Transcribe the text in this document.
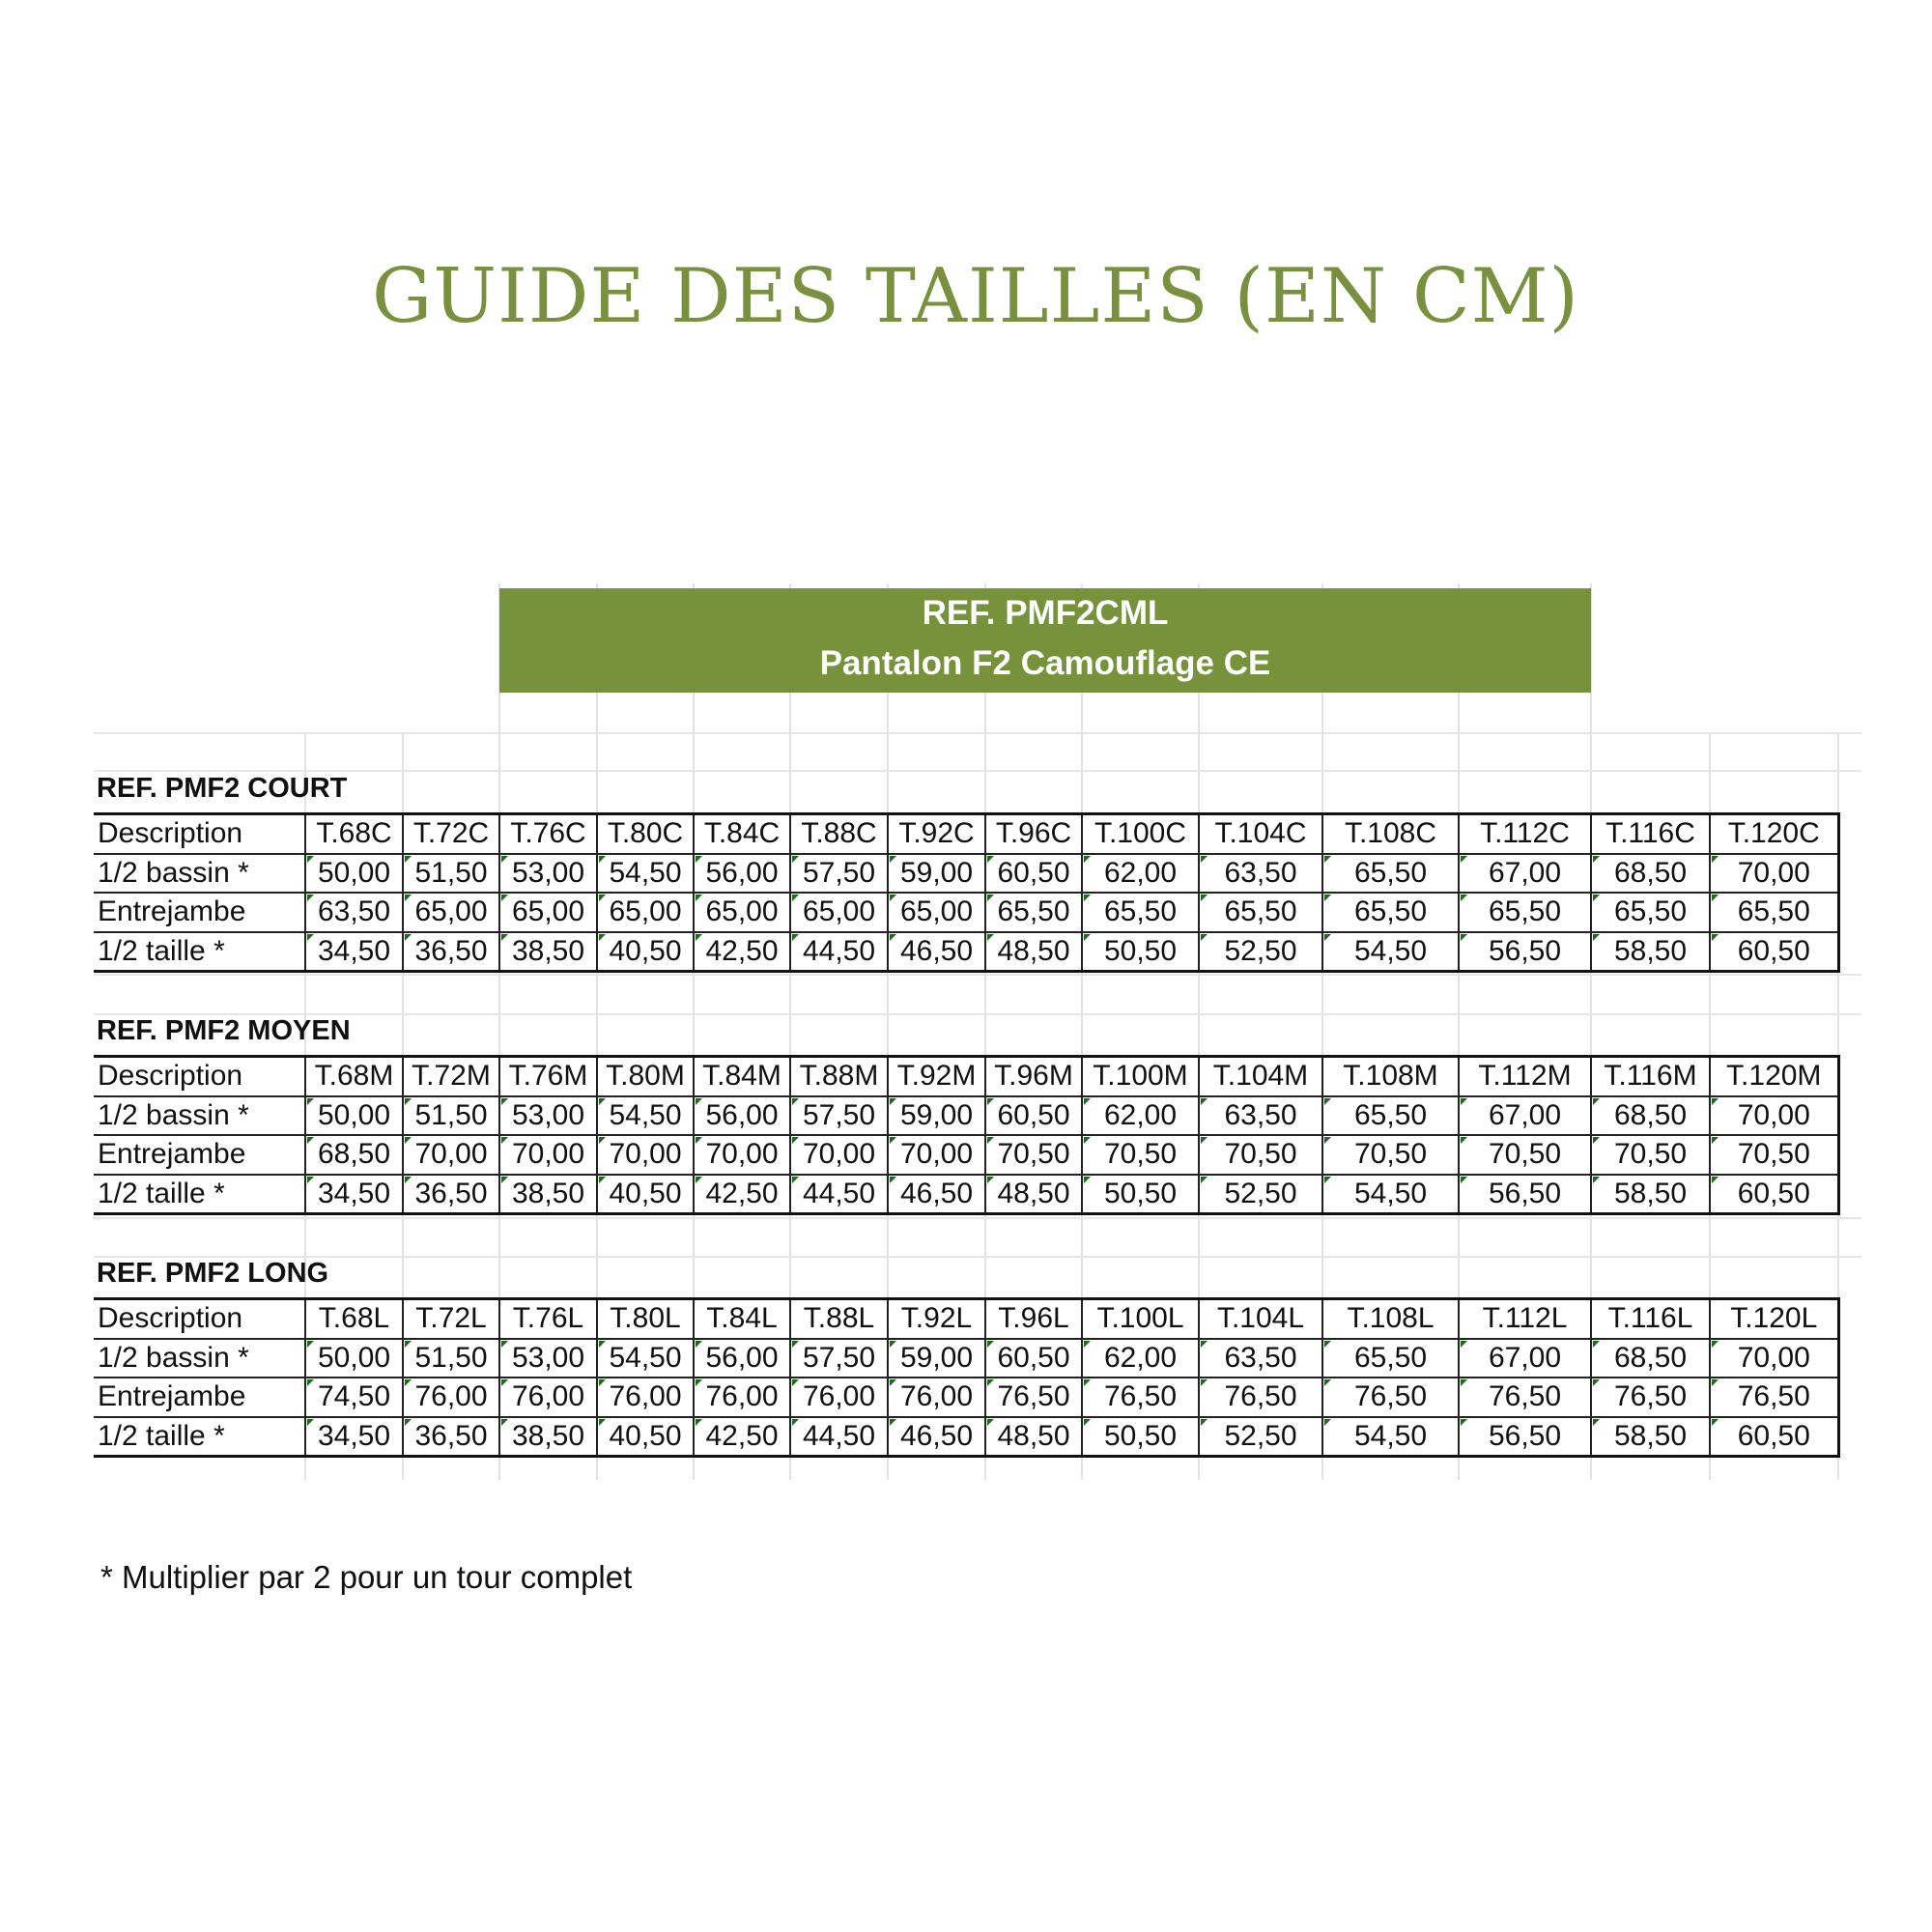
GUIDE DES TAILLES (EN CM)
REF. PMF2CML
Pantalon F2 Camouflage CE
REF. PMF2 COURT
Description	T.68C	T.72C	T.76C	T.80C	T.84C	T.88C	T.92C	T.96C	T.100C	T.104C	T.108C	T.112C	T.116C	T.120C
1/2 bassin *	50,00	51,50	53,00	54,50	56,00	57,50	59,00	60,50	62,00	63,50	65,50	67,00	68,50	70,00
Entrejambe	63,50	65,00	65,00	65,00	65,00	65,00	65,00	65,50	65,50	65,50	65,50	65,50	65,50	65,50
1/2 taille *	34,50	36,50	38,50	40,50	42,50	44,50	46,50	48,50	50,50	52,50	54,50	56,50	58,50	60,50
REF. PMF2 MOYEN
Description	T.68M	T.72M	T.76M	T.80M	T.84M	T.88M	T.92M	T.96M	T.100M	T.104M	T.108M	T.112M	T.116M	T.120M
1/2 bassin *	50,00	51,50	53,00	54,50	56,00	57,50	59,00	60,50	62,00	63,50	65,50	67,00	68,50	70,00
Entrejambe	68,50	70,00	70,00	70,00	70,00	70,00	70,00	70,50	70,50	70,50	70,50	70,50	70,50	70,50
1/2 taille *	34,50	36,50	38,50	40,50	42,50	44,50	46,50	48,50	50,50	52,50	54,50	56,50	58,50	60,50
REF. PMF2 LONG
Description	T.68L	T.72L	T.76L	T.80L	T.84L	T.88L	T.92L	T.96L	T.100L	T.104L	T.108L	T.112L	T.116L	T.120L
1/2 bassin *	50,00	51,50	53,00	54,50	56,00	57,50	59,00	60,50	62,00	63,50	65,50	67,00	68,50	70,00
Entrejambe	74,50	76,00	76,00	76,00	76,00	76,00	76,00	76,50	76,50	76,50	76,50	76,50	76,50	76,50
1/2 taille *	34,50	36,50	38,50	40,50	42,50	44,50	46,50	48,50	50,50	52,50	54,50	56,50	58,50	60,50
* Multiplier par 2 pour un tour complet
